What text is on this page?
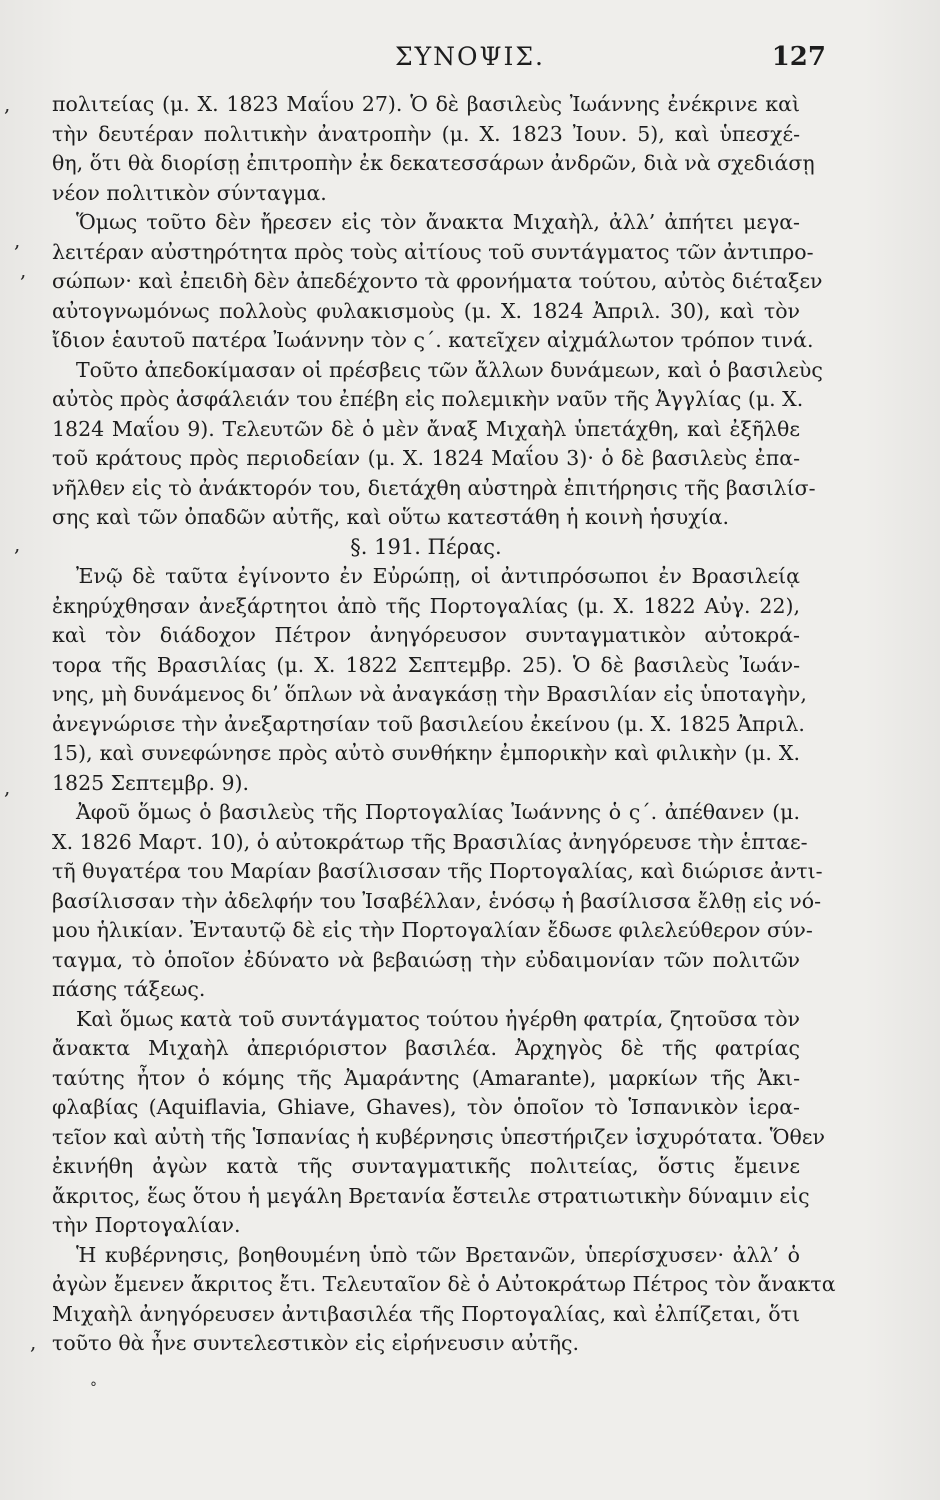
ΣΥΝΟΨΙΣ.	127
πολιτείας (μ. Χ. 1823 Μαΐου 27). Ὁ δὲ βασιλεὺς Ἰωάννης ἐνέκρινε καὶ
τὴν δευτέραν πολιτικὴν ἀνατροπὴν (μ. Χ. 1823 Ἰουν. 5), καὶ ὑπεσχέ-
θη, ὅτι θὰ διορίσῃ ἐπιτροπὴν ἐκ δεκατεσσάρων ἀνδρῶν, διὰ νὰ σχεδιάσῃ
νέον πολιτικὸν σύνταγμα.
Ὅμως τοῦτο δὲν ἤρεσεν εἰς τὸν ἄνακτα Μιχαὴλ, ἀλλ’ ἀπήτει μεγα-
λειτέραν αὐστηρότητα πρὸς τοὺς αἰτίους τοῦ συντάγματος τῶν ἀντιπρο-
σώπων· καὶ ἐπειδὴ δὲν ἀπεδέχοντο τὰ φρονήματα τούτου, αὐτὸς διέταξεν
αὐτογνωμόνως πολλοὺς φυλακισμοὺς (μ. Χ. 1824 Ἀπριλ. 30), καὶ τὸν
ἴδιον ἑαυτοῦ πατέρα Ἰωάννην τὸν ς΄. κατεῖχεν αἰχμάλωτον τρόπον τινά.
Τοῦτο ἀπεδοκίμασαν οἱ πρέσβεις τῶν ἄλλων δυνάμεων, καὶ ὁ βασιλεὺς
αὐτὸς πρὸς ἀσφάλειάν του ἐπέβη εἰς πολεμικὴν ναῦν τῆς Ἀγγλίας (μ. Χ.
1824 Μαΐου 9). Τελευτῶν δὲ ὁ μὲν ἄναξ Μιχαὴλ ὑπετάχθη, καὶ ἐξῆλθε
τοῦ κράτους πρὸς περιοδείαν (μ. Χ. 1824 Μαΐου 3)· ὁ δὲ βασιλεὺς ἐπα-
νῆλθεν εἰς τὸ ἀνάκτορόν του, διετάχθη αὐστηρὰ ἐπιτήρησις τῆς βασιλίσ-
σης καὶ τῶν ὀπαδῶν αὐτῆς, καὶ οὕτω κατεστάθη ἡ κοινὴ ἡσυχία.
§. 191. Πέρας.
Ἐνῷ δὲ ταῦτα ἐγίνοντο ἐν Εὐρώπῃ, οἱ ἀντιπρόσωποι ἐν Βρασιλείᾳ
ἐκηρύχθησαν ἀνεξάρτητοι ἀπὸ τῆς Πορτογαλίας (μ. Χ. 1822 Αὐγ. 22),
καὶ τὸν διάδοχον Πέτρον ἀνηγόρευσον συνταγματικὸν αὐτοκρά-
τορα τῆς Βρασιλίας (μ. Χ. 1822 Σεπτεμβρ. 25). Ὁ δὲ βασιλεὺς Ἰωάν-
νης, μὴ δυνάμενος διʼ ὅπλων νὰ ἀναγκάσῃ τὴν Βρασιλίαν εἰς ὑποταγὴν,
ἀνεγνώρισε τὴν ἀνεξαρτησίαν τοῦ βασιλείου ἐκείνου (μ. Χ. 1825 Ἀπριλ.
15), καὶ συνεφώνησε πρὸς αὐτὸ συνθήκην ἐμπορικὴν καὶ φιλικὴν (μ. Χ.
1825 Σεπτεμβρ. 9).
Ἀφοῦ ὅμως ὁ βασιλεὺς τῆς Πορτογαλίας Ἰωάννης ὁ ς΄. ἀπέθανεν (μ.
Χ. 1826 Μαρτ. 10), ὁ αὐτοκράτωρ τῆς Βρασιλίας ἀνηγόρευσε τὴν ἑπταε-
τῆ θυγατέρα του Μαρίαν βασίλισσαν τῆς Πορτογαλίας, καὶ διώρισε ἀντι-
βασίλισσαν τὴν ἀδελφήν του Ἰσαβέλλαν, ἑνόσῳ ἡ βασίλισσα ἔλθῃ εἰς νό-
μου ἡλικίαν. Ἐνταυτῷ δὲ εἰς τὴν Πορτογαλίαν ἔδωσε φιλελεύθερον σύν-
ταγμα, τὸ ὁποῖον ἐδύνατο νὰ βεβαιώσῃ τὴν εὐδαιμονίαν τῶν πολιτῶν
πάσης τάξεως.
Καὶ ὅμως κατὰ τοῦ συντάγματος τούτου ἠγέρθη φατρία, ζητοῦσα τὸν
ἄνακτα Μιχαὴλ ἀπεριόριστον βασιλέα. Ἀρχηγὸς δὲ τῆς φατρίας
ταύτης ἦτον ὁ κόμης τῆς Ἀμαράντης (Amarante), μαρκίων τῆς Ἀκι-
φλαβίας (Aquiflavia, Ghiave, Ghaves), τὸν ὁποῖον τὸ Ἱσπανικὸν ἱερα-
τεῖον καὶ αὐτὴ τῆς Ἱσπανίας ἡ κυβέρνησις ὑπεστήριζεν ἰσχυρότατα. Ὅθεν
ἐκινήθη ἀγὼν κατὰ τῆς συνταγματικῆς πολιτείας, ὅστις ἔμεινε
ἄκριτος, ἕως ὅτου ἡ μεγάλη Βρετανία ἔστειλε στρατιωτικὴν δύναμιν εἰς
τὴν Πορτογαλίαν.
Ἡ κυβέρνησις, βοηθουμένη ὑπὸ τῶν Βρετανῶν, ὑπερίσχυσεν· ἀλλ’ ὁ
ἀγὼν ἔμενεν ἄκριτος ἔτι. Τελευταῖον δὲ ὁ Αὐτοκράτωρ Πέτρος τὸν ἄνακτα
Μιχαὴλ ἀνηγόρευσεν ἀντιβασιλέα τῆς Πορτογαλίας, καὶ ἐλπίζεται, ὅτι
τοῦτο θὰ ἦνε συντελεστικὸν εἰς εἰρήνευσιν αὐτῆς.
,
,
,
,
,
,
°
